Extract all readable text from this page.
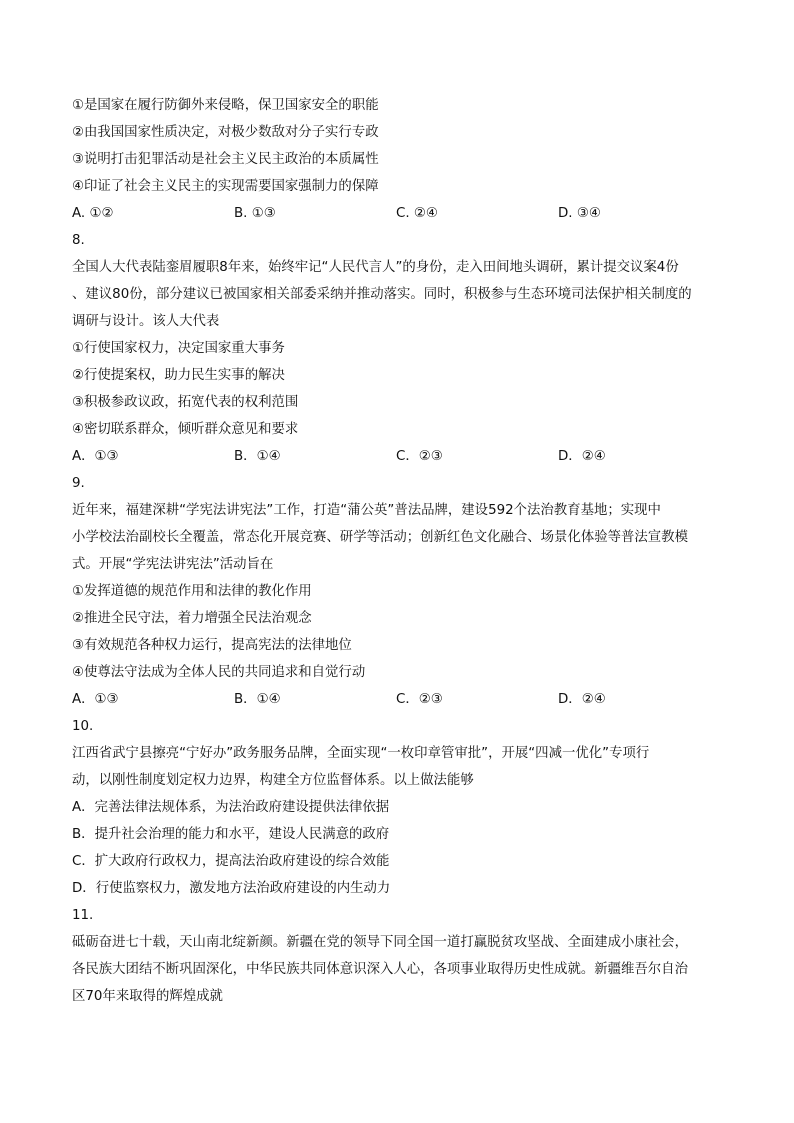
①是国家在履行防御外来侵略，保卫国家安全的职能
②由我国国家性质决定，对极少数敌对分子实行专政
③说明打击犯罪活动是社会主义民主政治的本质属性
④印证了社会主义民主的实现需要国家强制力的保障
A. ①②	B. ①③	C. ②④	D. ③④
8.
全国人大代表陆銮眉履职8年来，始终牢记“人民代言人”的身份，走入田间地头调研，累计提交议案4份
、建议80份，部分建议已被国家相关部委采纳并推动落实。同时，积极参与生态环境司法保护相关制度的
调研与设计。该人大代表
①行使国家权力，决定国家重大事务
②行使提案权，助力民生实事的解决
③积极参政议政，拓宽代表的权利范围
④密切联系群众，倾听群众意见和要求
A．①③	B．①④	C．②③	D．②④
9.
近年来，福建深耕“学宪法讲宪法”工作，打造“蒲公英”普法品牌，建设592个法治教育基地；实现中
小学校法治副校长全覆盖，常态化开展竞赛、研学等活动；创新红色文化融合、场景化体验等普法宣教模
式。开展“学宪法讲宪法”活动旨在
①发挥道德的规范作用和法律的教化作用
②推进全民守法，着力增强全民法治观念
③有效规范各种权力运行，提高宪法的法律地位
④使尊法守法成为全体人民的共同追求和自觉行动
A．①③	B．①④	C．②③	D．②④
10.
江西省武宁县擦亮“宁好办”政务服务品牌，全面实现“一枚印章管审批”，开展“四减一优化”专项行
动，以刚性制度划定权力边界，构建全方位监督体系。以上做法能够
A．完善法律法规体系，为法治政府建设提供法律依据
B．提升社会治理的能力和水平，建设人民满意的政府
C．扩大政府行政权力，提高法治政府建设的综合效能
D．行使监察权力，激发地方法治政府建设的内生动力
11.
砥砺奋进七十载，天山南北绽新颜。新疆在党的领导下同全国一道打赢脱贫攻坚战、全面建成小康社会，
各民族大团结不断巩固深化，中华民族共同体意识深入人心，各项事业取得历史性成就。新疆维吾尔自治
区70年来取得的辉煌成就
